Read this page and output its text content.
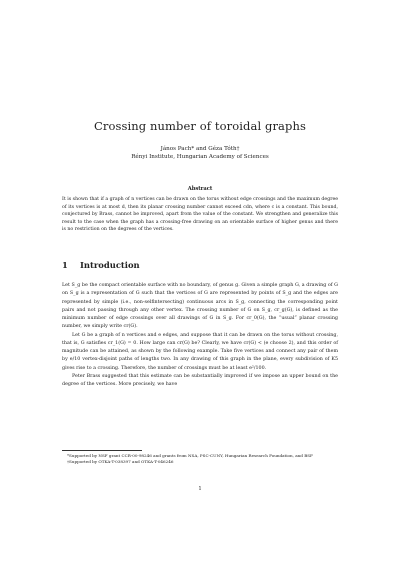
Crossing number of toroidal graphs
János Pach* and Géza Tóth†
Rényi Institute, Hungarian Academy of Sciences
Abstract
It is shown that if a graph of n vertices can be drawn on the torus without edge crossings and the maximum degree of its vertices is at most d, then its planar crossing number cannot exceed cdn, where c is a constant. This bound, conjectured by Brass, cannot be improved, apart from the value of the constant. We strengthen and generalize this result to the case when the graph has a crossing-free drawing on an orientable surface of higher genus and there is no restriction on the degrees of the vertices.
1 Introduction

Let S_g be the compact orientable surface with no boundary, of genus g. Given a simple graph G, a drawing of G on S_g is a representation of G such that the vertices of G are represented by points of S_g and the edges are represented by simple (i.e., non-selfintersecting) continuous arcs in S_g, connecting the corresponding point pairs and not passing through any other vertex. The crossing number of G on S_g, cr_g(G), is defined as the minimum number of edge crossings over all drawings of G in S_g. For cr_0(G), the “usual” planar crossing number, we simply write cr(G).

Let G be a graph of n vertices and e edges, and suppose that it can be drawn on the torus without crossing, that is, G satisfies cr_1(G) = 0. How large can cr(G) be? Clearly, we have cr(G) < (e choose 2), and this order of magnitude can be attained, as shown by the following example. Take five vertices and connect any pair of them by e/10 vertex-disjoint paths of lengths two. In any drawing of this graph in the plane, every subdivision of K5 gives rise to a crossing. Therefore, the number of crossings must be at least e²/100.

Peter Brass suggested that this estimate can be substantially improved if we impose an upper bound on the degree of the vertices. More precisely, we have

*Supported by NSF grant CCR-00-98246 and grants from NSA, PSC-CUNY, Hungarian Research Foundation, and BSF

†Supported by OTKA-T-038397 and OTKA-T-046246

1
